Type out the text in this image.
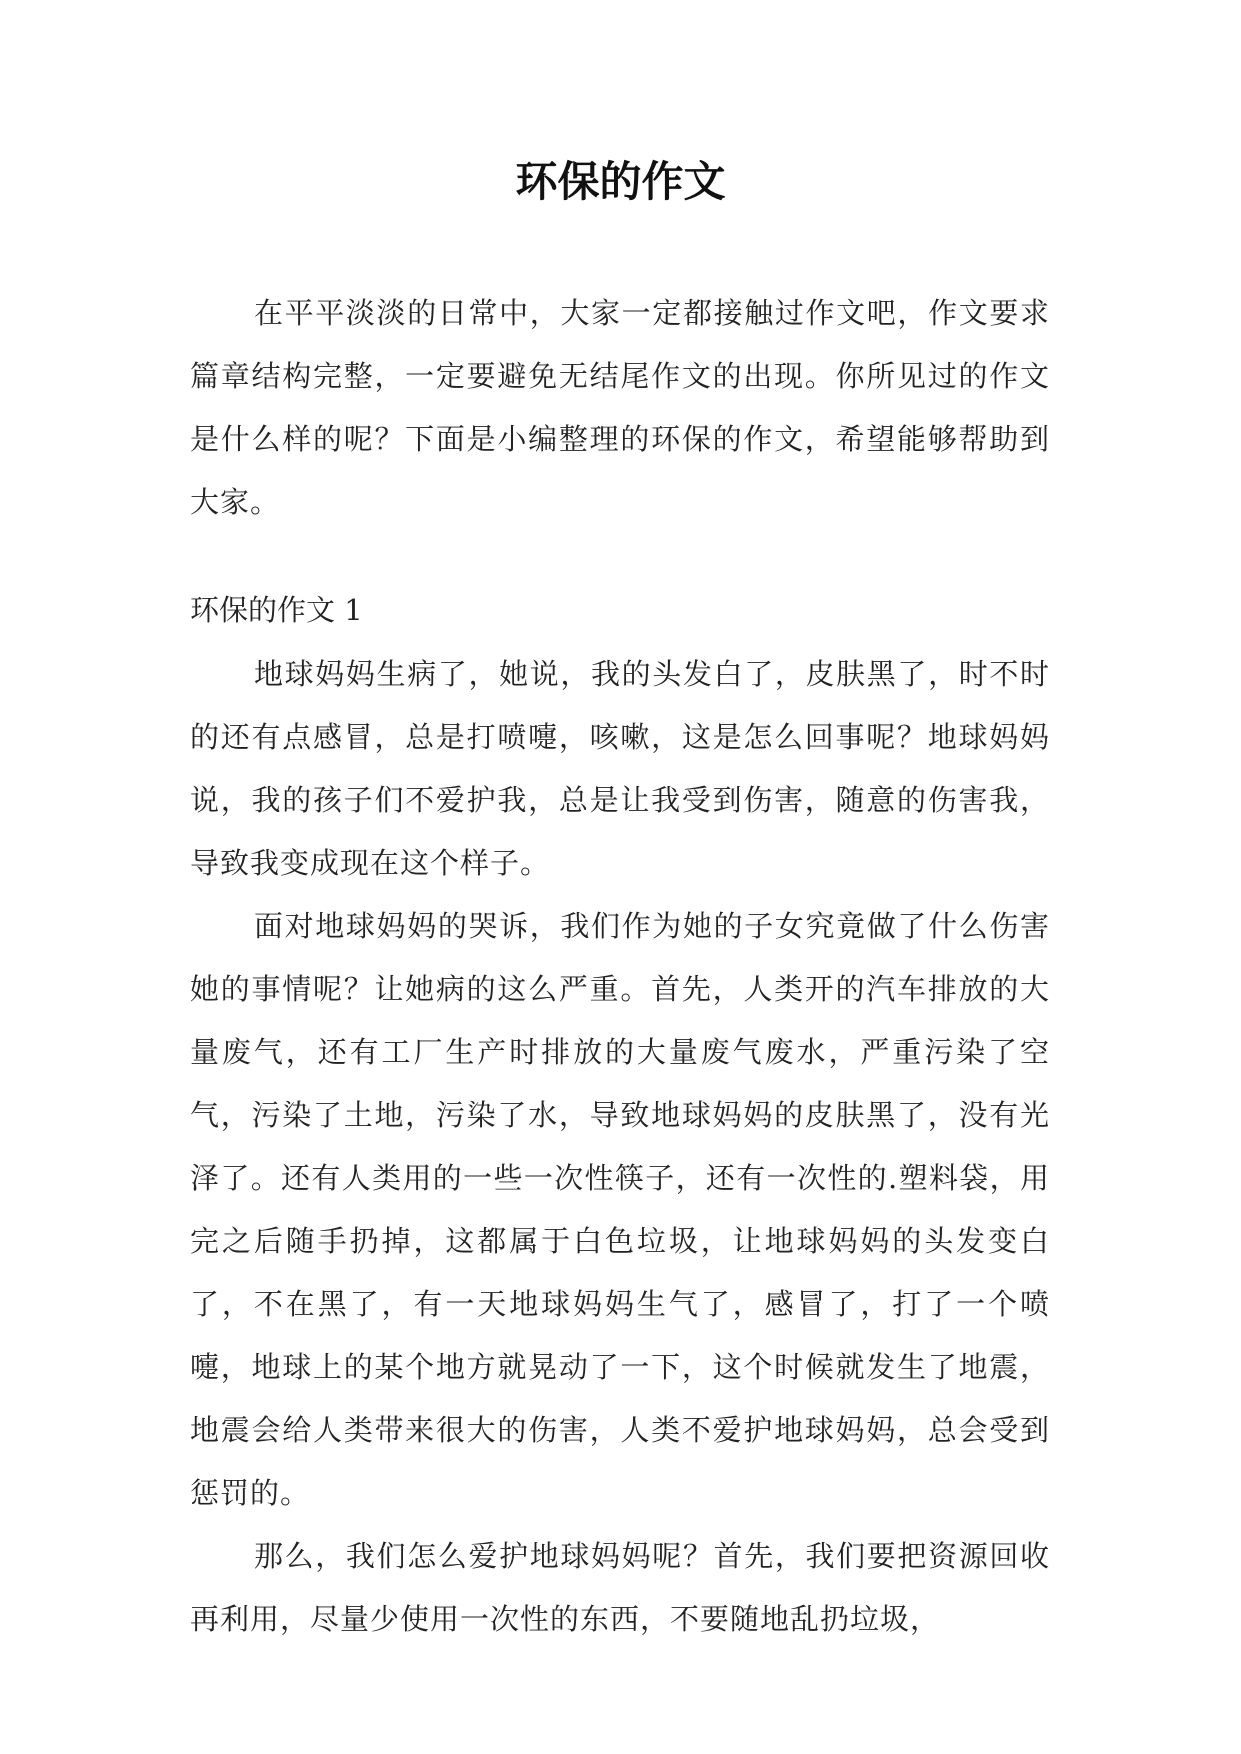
环保的作文

在平平淡淡的日常中，大家一定都接触过作文吧，作文要求篇章结构完整，一定要避免无结尾作文的出现。你所见过的作文是什么样的呢？下面是小编整理的环保的作文，希望能够帮助到大家。

环保的作文 1

地球妈妈生病了，她说，我的头发白了，皮肤黑了，时不时的还有点感冒，总是打喷嚏，咳嗽，这是怎么回事呢？地球妈妈说，我的孩子们不爱护我，总是让我受到伤害，随意的伤害我，导致我变成现在这个样子。

面对地球妈妈的哭诉，我们作为她的子女究竟做了什么伤害她的事情呢？让她病的这么严重。首先，人类开的汽车排放的大量废气，还有工厂生产时排放的大量废气废水，严重污染了空气，污染了土地，污染了水，导致地球妈妈的皮肤黑了，没有光泽了。还有人类用的一些一次性筷子，还有一次性的.塑料袋，用完之后随手扔掉，这都属于白色垃圾，让地球妈妈的头发变白了，不在黑了，有一天地球妈妈生气了，感冒了，打了一个喷嚏，地球上的某个地方就晃动了一下，这个时候就发生了地震，地震会给人类带来很大的伤害，人类不爱护地球妈妈，总会受到惩罚的。

那么，我们怎么爱护地球妈妈呢？首先，我们要把资源回收再利用，尽量少使用一次性的东西，不要随地乱扔垃圾，
